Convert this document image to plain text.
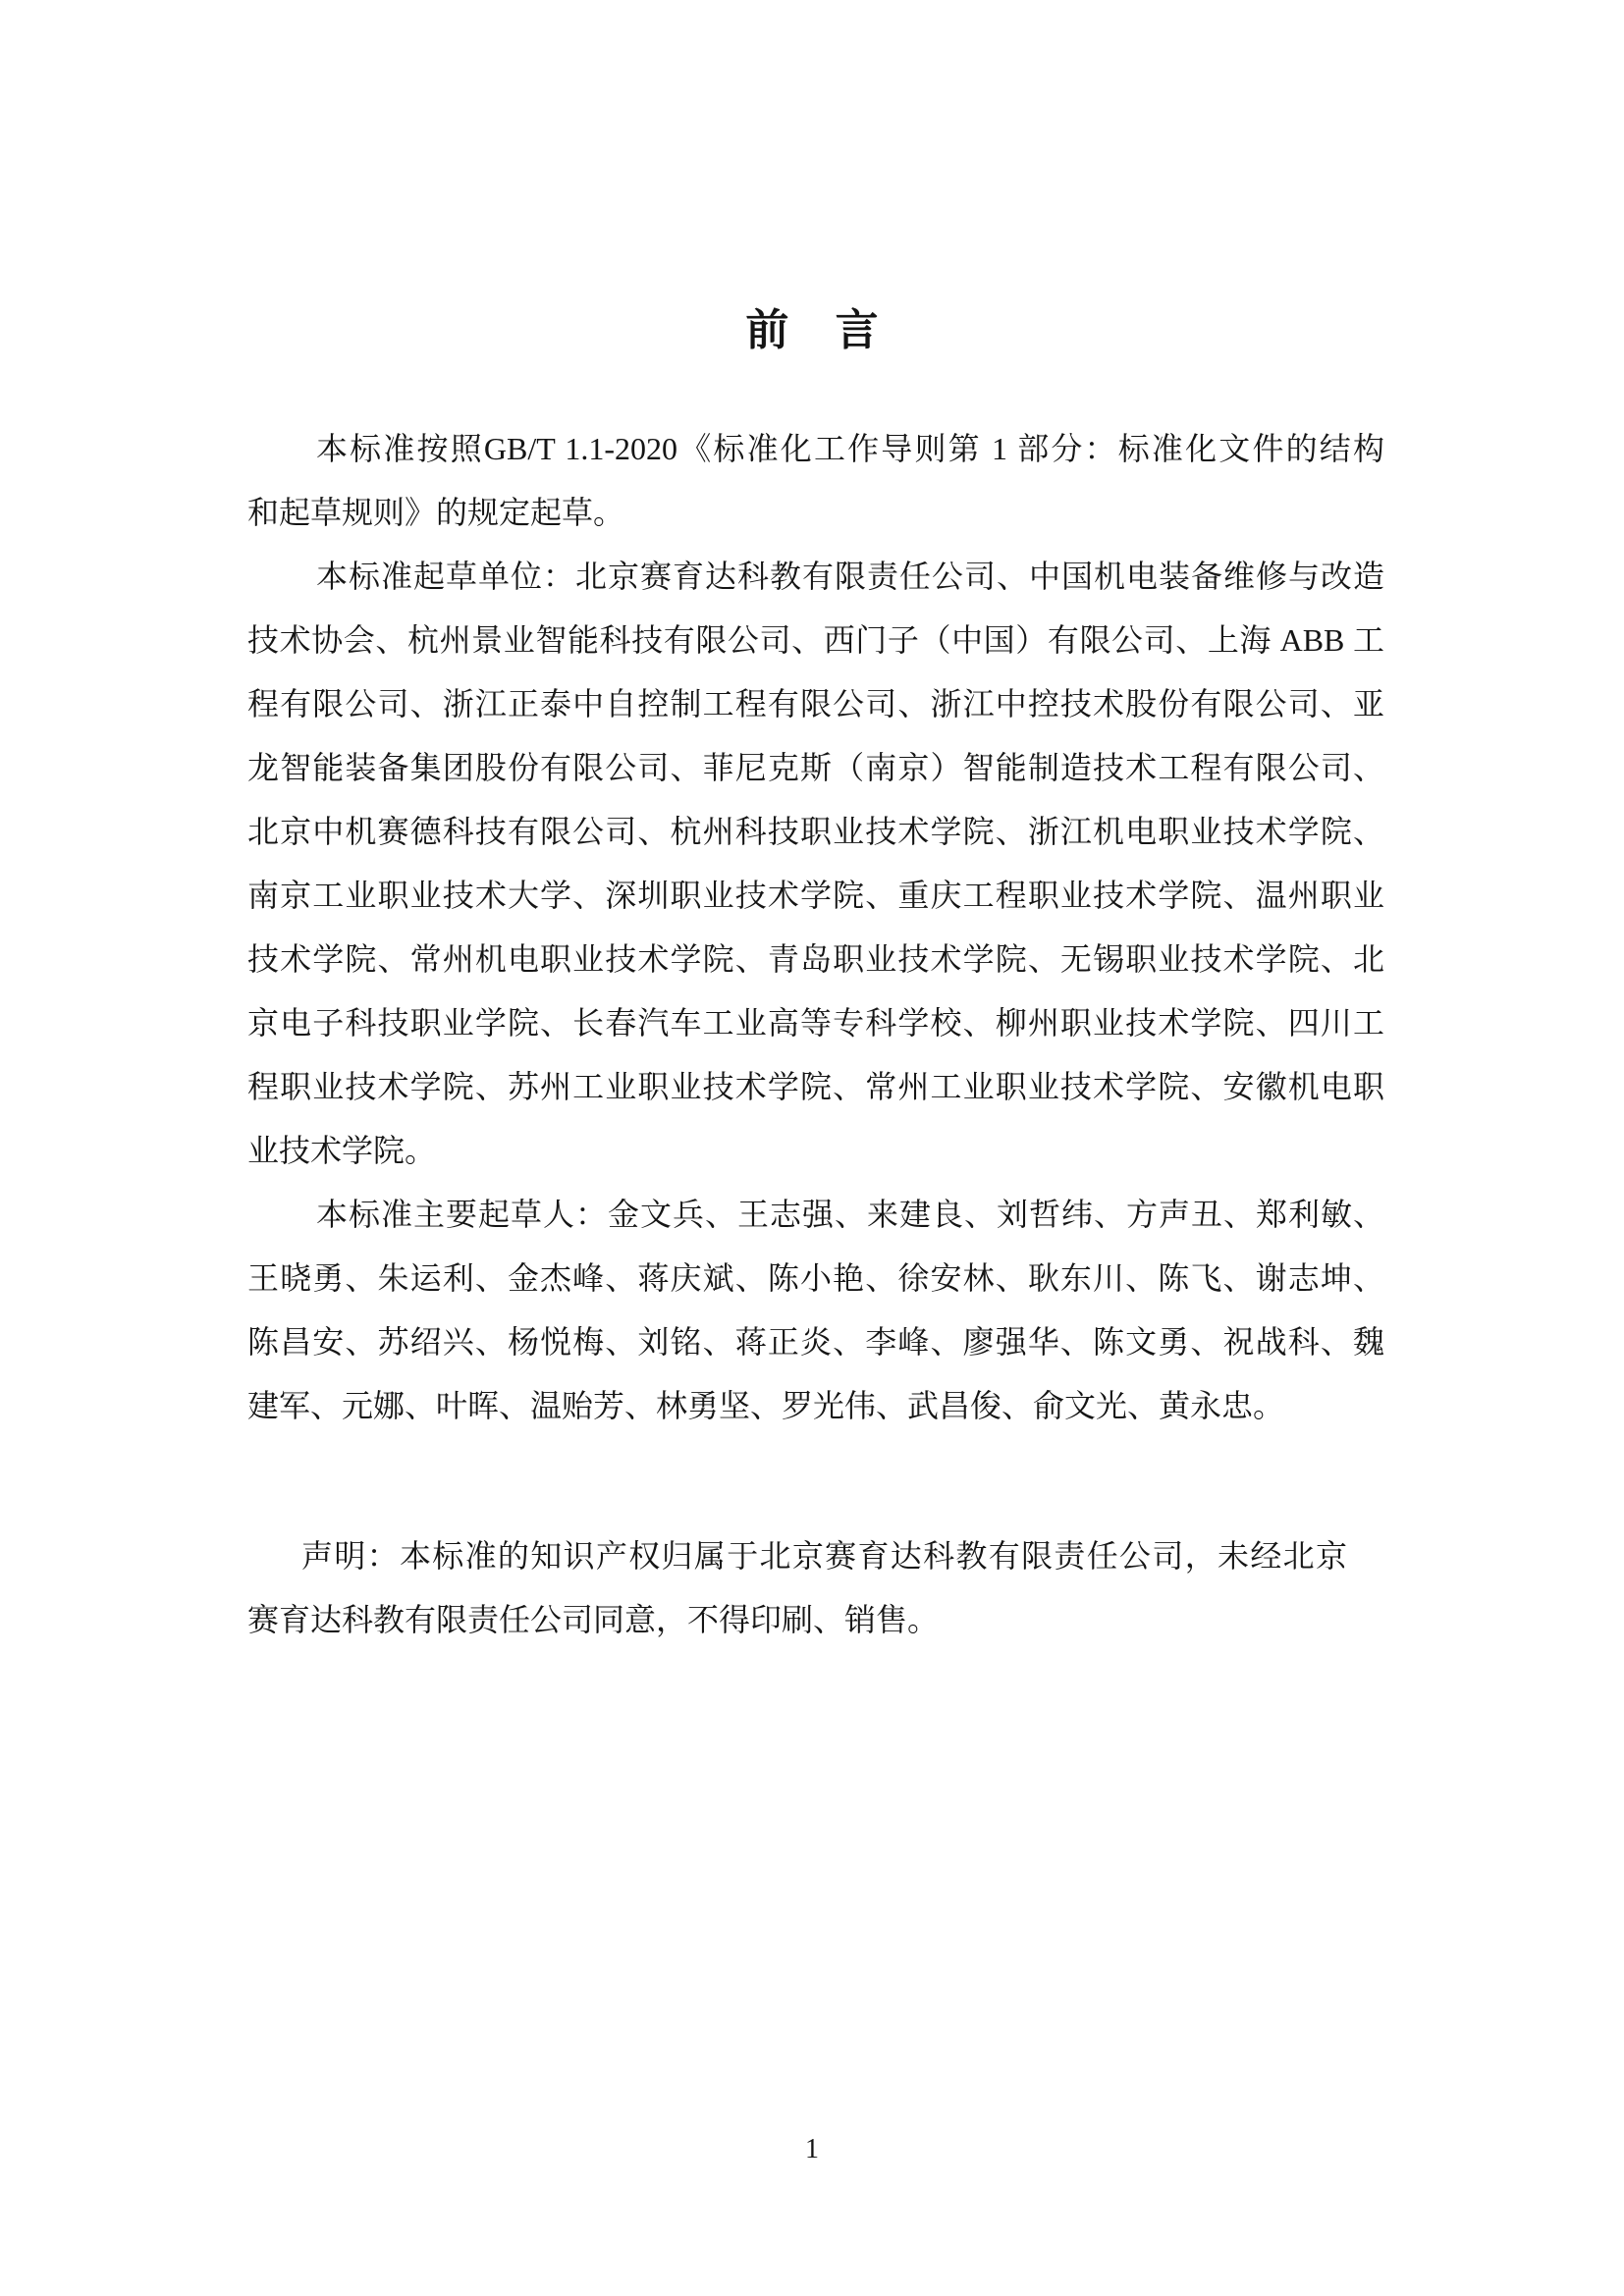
前 言
本标准按照GB/T 1.1-2020《标准化工作导则第 1 部分：标准化文件的结构
和起草规则》的规定起草。
本标准起草单位：北京赛育达科教有限责任公司、中国机电装备维修与改造
技术协会、杭州景业智能科技有限公司、西门子（中国）有限公司、上海 ABB 工
程有限公司、浙江正泰中自控制工程有限公司、浙江中控技术股份有限公司、亚
龙智能装备集团股份有限公司、菲尼克斯（南京）智能制造技术工程有限公司、
北京中机赛德科技有限公司、杭州科技职业技术学院、浙江机电职业技术学院、
南京工业职业技术大学、深圳职业技术学院、重庆工程职业技术学院、温州职业
技术学院、常州机电职业技术学院、青岛职业技术学院、无锡职业技术学院、北
京电子科技职业学院、长春汽车工业高等专科学校、柳州职业技术学院、四川工
程职业技术学院、苏州工业职业技术学院、常州工业职业技术学院、安徽机电职
业技术学院。
本标准主要起草人：金文兵、王志强、来建良、刘哲纬、方声丑、郑利敏、
王晓勇、朱运利、金杰峰、蒋庆斌、陈小艳、徐安林、耿东川、陈飞、谢志坤、
陈昌安、苏绍兴、杨悦梅、刘铭、蒋正炎、李峰、廖强华、陈文勇、祝战科、魏
建军、元娜、叶晖、温贻芳、林勇坚、罗光伟、武昌俊、俞文光、黄永忠。
声明：本标准的知识产权归属于北京赛育达科教有限责任公司，未经北京
赛育达科教有限责任公司同意，不得印刷、销售。
1
